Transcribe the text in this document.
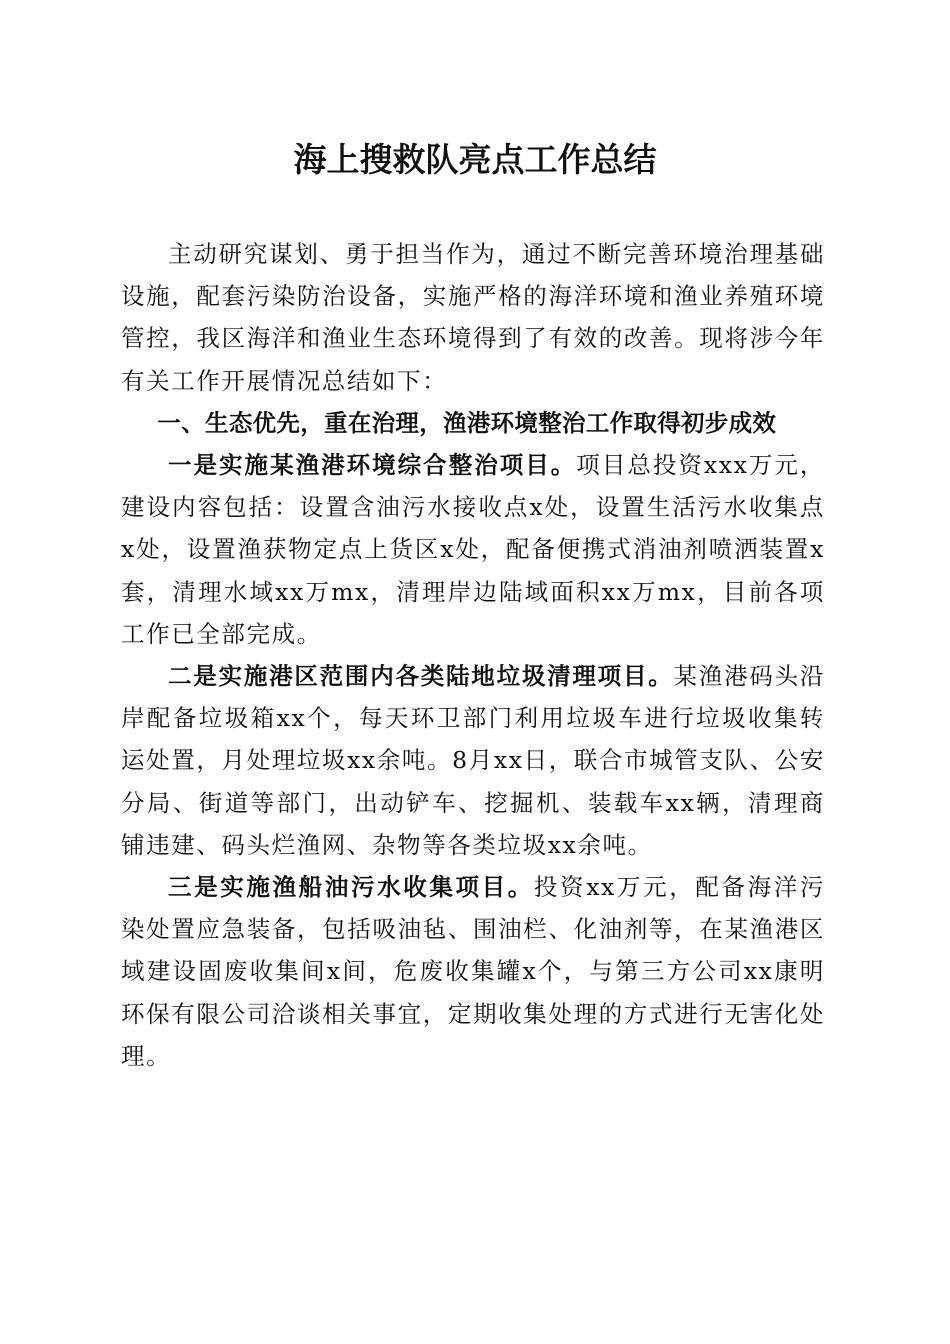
海上搜救队亮点工作总结

主动研究谋划、勇于担当作为，通过不断完善环境治理基础设施，配套污染防治设备，实施严格的海洋环境和渔业养殖环境管控，我区海洋和渔业生态环境得到了有效的改善。现将涉今年有关工作开展情况总结如下：

一、生态优先，重在治理，渔港环境整治工作取得初步成效

一是实施某渔港环境综合整治项目。项目总投资xxx万元，建设内容包括：设置含油污水接收点x处，设置生活污水收集点x处，设置渔获物定点上货区x处，配备便携式消油剂喷洒装置x套，清理水域xx万mx，清理岸边陆域面积xx万mx，目前各项工作已全部完成。

二是实施港区范围内各类陆地垃圾清理项目。某渔港码头沿岸配备垃圾箱xx个，每天环卫部门利用垃圾车进行垃圾收集转运处置，月处理垃圾xx余吨。8月xx日，联合市城管支队、公安分局、街道等部门，出动铲车、挖掘机、装载车xx辆，清理商铺违建、码头烂渔网、杂物等各类垃圾xx余吨。

三是实施渔船油污水收集项目。投资xx万元，配备海洋污染处置应急装备，包括吸油毡、围油栏、化油剂等，在某渔港区域建设固废收集间x间，危废收集罐x个，与第三方公司xx康明环保有限公司洽谈相关事宜，定期收集处理的方式进行无害化处理。
